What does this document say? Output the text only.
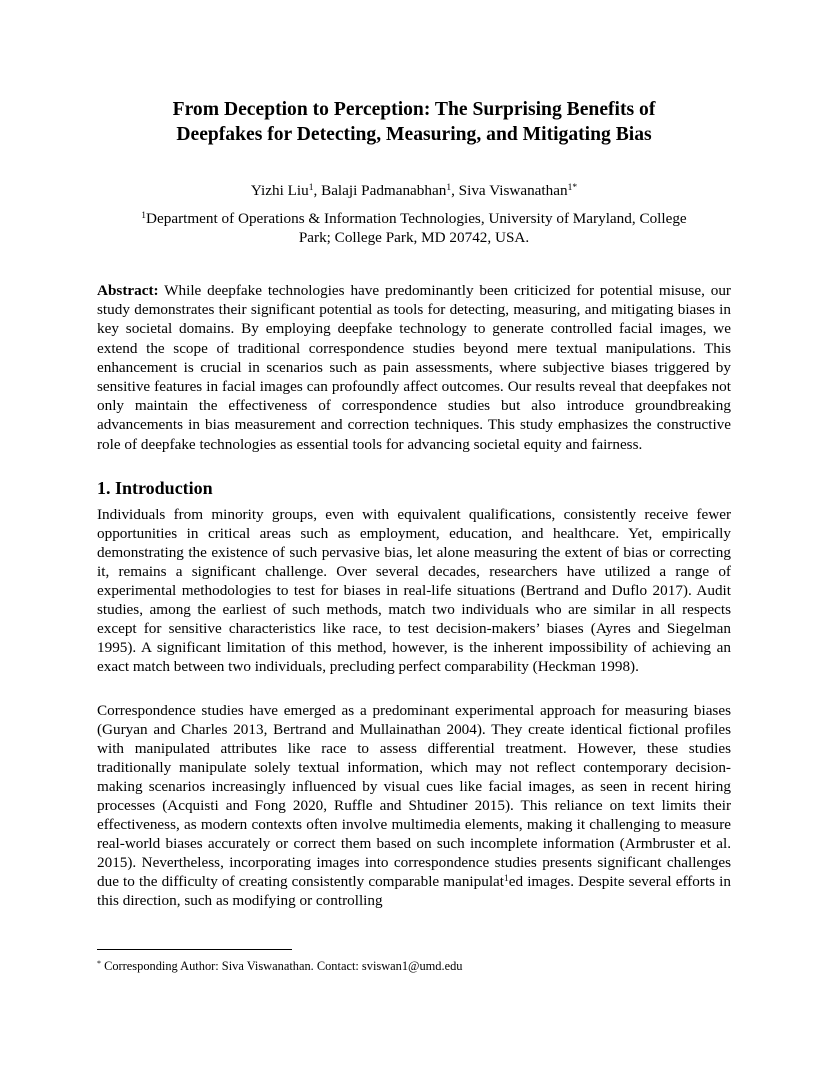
From Deception to Perception: The Surprising Benefits of
Deepfakes for Detecting, Measuring, and Mitigating Bias
Yizhi Liu$^1$, Balaji Padmanabhan$^1$, Siva Viswanathan$^{1*}$
$^1$Department of Operations & Information Technologies, University of Maryland, College
Park; College Park, MD 20742, USA.

Abstract: While deepfake technologies have predominantly been criticized for potential misuse, our study demonstrates their significant potential as tools for detecting, measuring, and mitigating biases in key societal domains. By employing deepfake technology to generate controlled facial images, we extend the scope of traditional correspondence studies beyond mere textual manipulations. This enhancement is crucial in scenarios such as pain assessments, where subjective biases triggered by sensitive features in facial images can profoundly affect outcomes. Our results reveal that deepfakes not only maintain the effectiveness of correspondence studies but also introduce groundbreaking advancements in bias measurement and correction techniques. This study emphasizes the constructive role of deepfake technologies as essential tools for advancing societal equity and fairness.

1. Introduction

Individuals from minority groups, even with equivalent qualifications, consistently receive fewer opportunities in critical areas such as employment, education, and healthcare. Yet, empirically demonstrating the existence of such pervasive bias, let alone measuring the extent of bias or correcting it, remains a significant challenge. Over several decades, researchers have utilized a range of experimental methodologies to test for biases in real-life situations (Bertrand and Duflo 2017). Audit studies, among the earliest of such methods, match two individuals who are similar in all respects except for sensitive characteristics like race, to test decision-makers’ biases (Ayres and Siegelman 1995). A significant limitation of this method, however, is the inherent impossibility of achieving an exact match between two individuals, precluding perfect comparability (Heckman 1998).

Correspondence studies have emerged as a predominant experimental approach for measuring biases (Guryan and Charles 2013, Bertrand and Mullainathan 2004). They create identical fictional profiles with manipulated attributes like race to assess differential treatment. However, these studies traditionally manipulate solely textual information, which may not reflect contemporary decision-making scenarios increasingly influenced by visual cues like facial images, as seen in recent hiring processes (Acquisti and Fong 2020, Ruffle and Shtudiner 2015). This reliance on text limits their effectiveness, as modern contexts often involve multimedia elements, making it challenging to measure real-world biases accurately or correct them based on such incomplete information (Armbruster et al. 2015). Nevertheless, incorporating images into correspondence studies presents significant challenges due to the difficulty of creating consistently comparable manipulat$^1$ed images. Despite several efforts in this direction, such as modifying or controlling

* Corresponding Author: Siva Viswanathan. Contact: sviswan1@umd.edu
